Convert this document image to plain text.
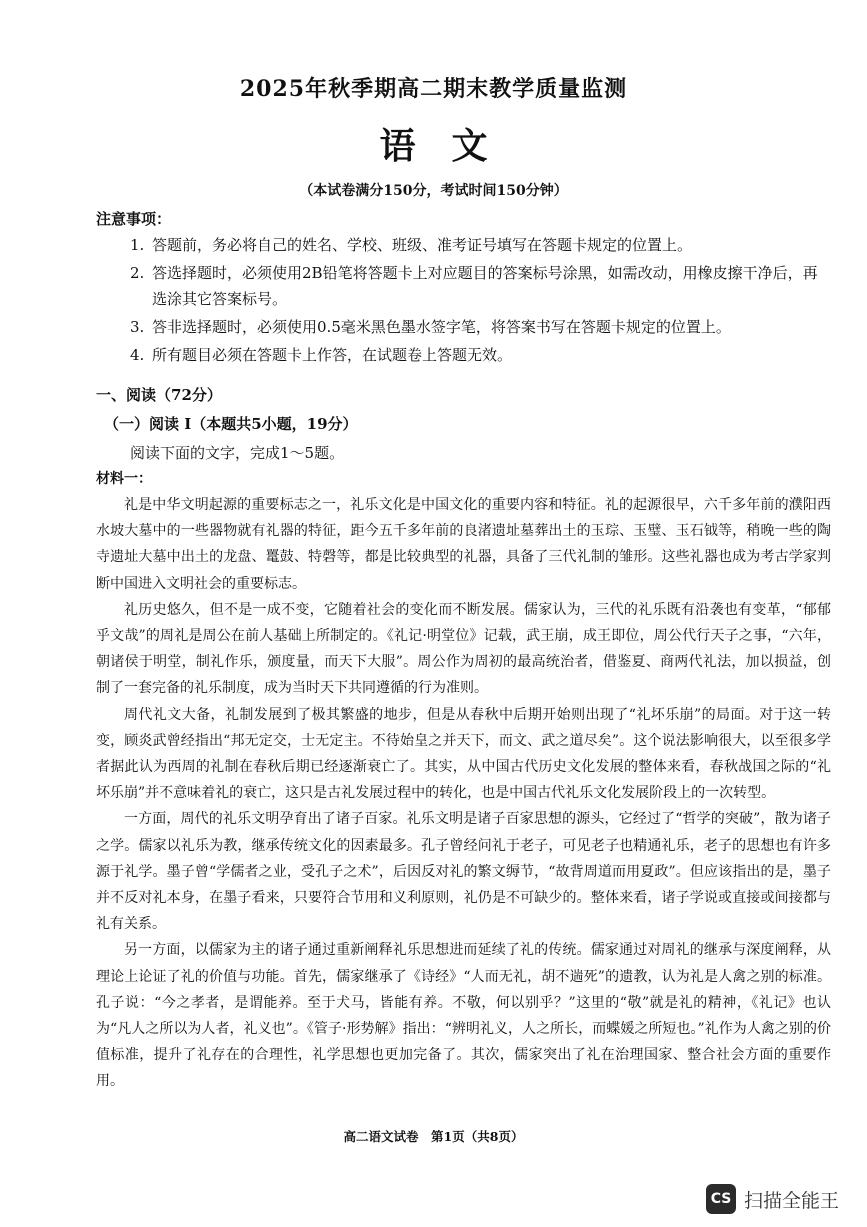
2025年秋季期高二期末教学质量监测
语文
（本试卷满分150分，考试时间150分钟）
注意事项：
1. 答题前，务必将自己的姓名、学校、班级、准考证号填写在答题卡规定的位置上。
2. 答选择题时，必须使用2B铅笔将答题卡上对应题目的答案标号涂黑，如需改动，用橡皮擦干净后，再选涂其它答案标号。
3. 答非选择题时，必须使用0.5毫米黑色墨水签字笔，将答案书写在答题卡规定的位置上。
4. 所有题目必须在答题卡上作答，在试题卷上答题无效。
一、阅读（72分）
（一）阅读 I（本题共5小题，19分）
阅读下面的文字，完成1～5题。
材料一：

礼是中华文明起源的重要标志之一，礼乐文化是中国文化的重要内容和特征。礼的起源很早，六千多年前的濮阳西水坡大墓中的一些器物就有礼器的特征，距今五千多年前的良渚遗址墓葬出土的玉琮、玉璧、玉石钺等，稍晚一些的陶寺遗址大墓中出土的龙盘、鼍鼓、特磬等，都是比较典型的礼器，具备了三代礼制的雏形。这些礼器也成为考古学家判断中国进入文明社会的重要标志。

礼历史悠久，但不是一成不变，它随着社会的变化而不断发展。儒家认为，三代的礼乐既有沿袭也有变革，“郁郁乎文哉”的周礼是周公在前人基础上所制定的。《礼记·明堂位》记载，武王崩，成王即位，周公代行天子之事，“六年，朝诸侯于明堂，制礼作乐，颁度量，而天下大服”。周公作为周初的最高统治者，借鉴夏、商两代礼法，加以损益，创制了一套完备的礼乐制度，成为当时天下共同遵循的行为准则。

周代礼文大备，礼制发展到了极其繁盛的地步，但是从春秋中后期开始则出现了“礼坏乐崩”的局面。对于这一转变，顾炎武曾经指出“邦无定交，士无定主。不待始皇之并天下，而文、武之道尽矣”。这个说法影响很大，以至很多学者据此认为西周的礼制在春秋后期已经逐渐衰亡了。其实，从中国古代历史文化发展的整体来看，春秋战国之际的“礼坏乐崩”并不意味着礼的衰亡，这只是古礼发展过程中的转化，也是中国古代礼乐文化发展阶段上的一次转型。

一方面，周代的礼乐文明孕育出了诸子百家。礼乐文明是诸子百家思想的源头，它经过了“哲学的突破”，散为诸子之学。儒家以礼乐为教，继承传统文化的因素最多。孔子曾经问礼于老子，可见老子也精通礼乐，老子的思想也有许多源于礼学。墨子曾“学儒者之业，受孔子之术”，后因反对礼的繁文缛节，“故背周道而用夏政”。但应该指出的是，墨子并不反对礼本身，在墨子看来，只要符合节用和义利原则，礼仍是不可缺少的。整体来看，诸子学说或直接或间接都与礼有关系。

另一方面，以儒家为主的诸子通过重新阐释礼乐思想进而延续了礼的传统。儒家通过对周礼的继承与深度阐释，从理论上论证了礼的价值与功能。首先，儒家继承了《诗经》“人而无礼，胡不遄死”的遗教，认为礼是人禽之别的标准。孔子说：“今之孝者，是谓能养。至于犬马，皆能有养。不敬，何以别乎？”这里的“敬”就是礼的精神，《礼记》也认为“凡人之所以为人者，礼义也”。《管子·形势解》指出：“辨明礼义，人之所长，而蝶媛之所短也。”礼作为人禽之别的价值标准，提升了礼存在的合理性，礼学思想也更加完备了。其次，儒家突出了礼在治理国家、整合社会方面的重要作用。

高二语文试卷　第1页（共8页）
CS 扫描全能王
